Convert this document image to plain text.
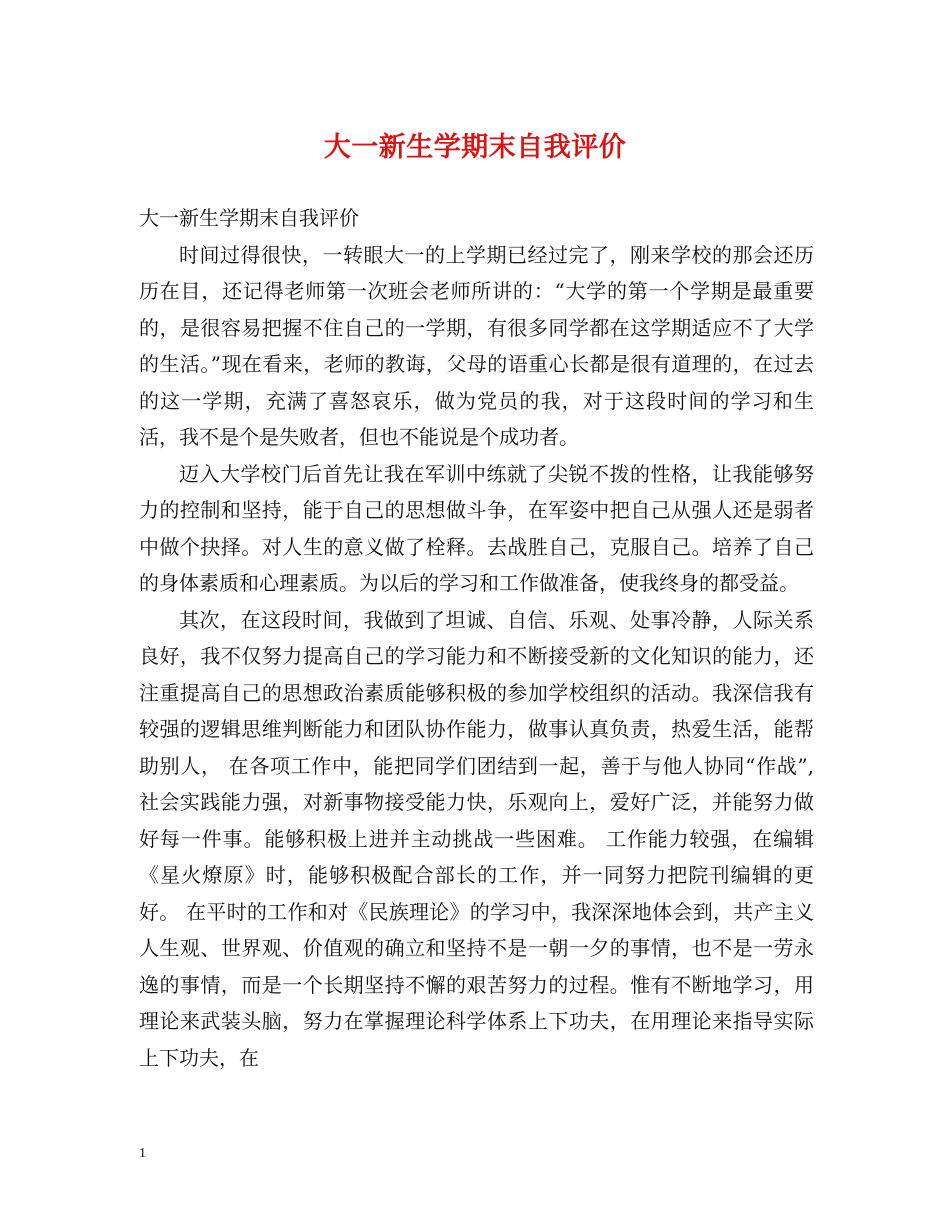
大一新生学期末自我评价

大一新生学期末自我评价

时间过得很快，一转眼大一的上学期已经过完了，刚来学校的那会还历历在目，还记得老师第一次班会老师所讲的：“大学的第一个学期是最重要的，是很容易把握不住自己的一学期，有很多同学都在这学期适应不了大学的生活。”现在看来，老师的教诲，父母的语重心长都是很有道理的，在过去的这一学期，充满了喜怒哀乐，做为党员的我，对于这段时间的学习和生活，我不是个是失败者，但也不能说是个成功者。

迈入大学校门后首先让我在军训中练就了尖锐不拨的性格，让我能够努力的控制和坚持，能于自己的思想做斗争，在军姿中把自己从强人还是弱者中做个抉择。对人生的意义做了栓释。去战胜自己，克服自己。培养了自己的身体素质和心理素质。为以后的学习和工作做准备，使我终身的都受益。

其次，在这段时间，我做到了坦诚、自信、乐观、处事冷静，人际关系良好，我不仅努力提高自己的学习能力和不断接受新的文化知识的能力，还注重提高自己的思想政治素质能够积极的参加学校组织的活动。我深信我有较强的逻辑思维判断能力和团队协作能力，做事认真负责，热爱生活，能帮助别人， 在各项工作中，能把同学们团结到一起，善于与他人协同“作战”, 社会实践能力强，对新事物接受能力快，乐观向上，爱好广泛，并能努力做好每一件事。能够积极上进并主动挑战一些困难。 工作能力较强，在编辑《星火燎原》时，能够积极配合部长的工作，并一同努力把院刊编辑的更好。 在平时的工作和对《民族理论》的学习中，我深深地体会到，共产主义人生观、世界观、价值观的确立和坚持不是一朝一夕的事情，也不是一劳永逸的事情，而是一个长期坚持不懈的艰苦努力的过程。惟有不断地学习，用理论来武装头脑，努力在掌握理论科学体系上下功夫，在用理论来指导实际上下功夫，在

1
